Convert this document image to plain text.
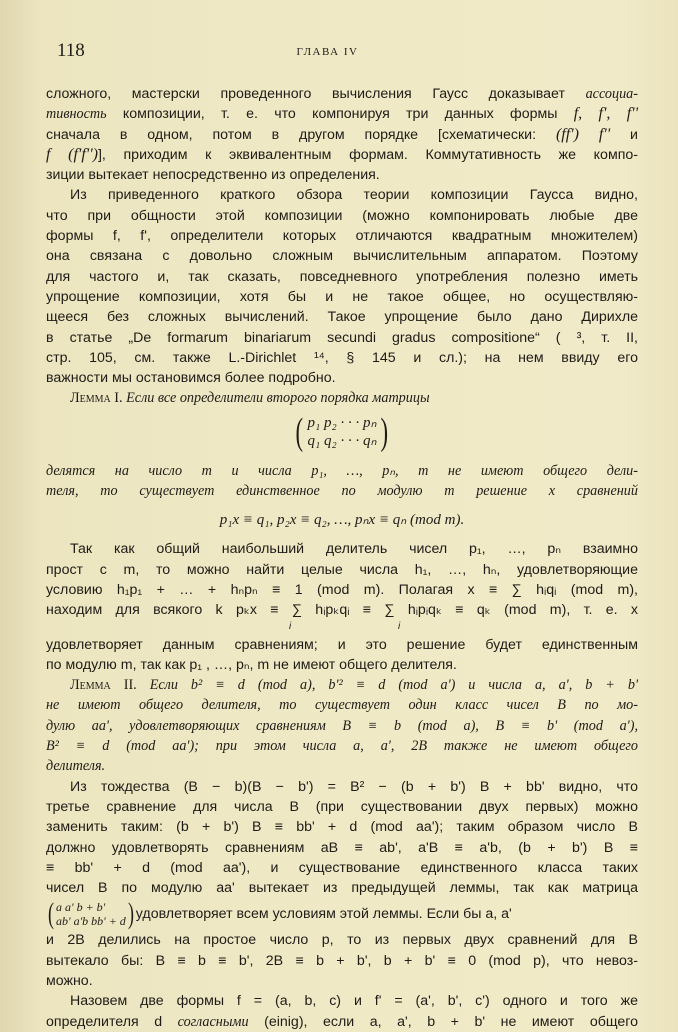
118	ГЛАВА IV
сложного, мастерски проведенного вычисления Гаусс доказывает ассоциа-
тивность композиции, т. е. что компонируя три данных формы f, f', f''
сначала в одном, потом в другом порядке [схематически: (ff') f'' и
f (f'f'')], приходим к эквивалентным формам. Коммутативность же компо-
зиции вытекает непосредственно из определения.
Из приведенного краткого обзора теории композиции Гаусса видно,
что при общности этой композиции (можно компонировать любые две
формы f, f', определители которых отличаются квадратным множителем)
она связана с довольно сложным вычислительным аппаратом. Поэтому
для частого и, так сказать, повседневного употребления полезно иметь
упрощение композиции, хотя бы и не такое общее, но осуществляю-
щееся без сложных вычислений. Такое упрощение было дано Дирихле
в статье „De formarum binariarum secundi gradus compositione“ ( ³, т. II,
стр. 105, см. также L.-Dirichlet ¹⁴, § 145 и сл.); на нем ввиду его
важности мы остановимся более подробно.
Лемма I. Если все определители второго порядка матрицы
( p₁ p₂ · · · pₙ
q₁ q₂ · · · qₙ )
делятся на число m и числа p₁, …, pₙ, m не имеют общего дели-
теля, то существует единственное по модулю m решение x сравнений
p₁x ≡ q₁, p₂x ≡ q₂, …, pₙx ≡ qₙ (mod m).
Так как общий наибольший делитель чисел p₁, …, pₙ взаимно
прост с m, то можно найти целые числа h₁, …, hₙ, удовлетворяющие
условию h₁p₁ + … + hₙpₙ ≡ 1 (mod m). Полагая x ≡ ∑ hᵢqᵢ (mod m),
находим для всякого k pₖx ≡ ∑ hᵢpₖqᵢ ≡ ∑ hᵢpᵢqₖ ≡ qₖ (mod m), т. е. x
i	i
удовлетворяет данным сравнениям; и это решение будет единственным
по модулю m, так как p₁ , …, pₙ, m не имеют общего делителя.
Лемма II. Если b² ≡ d (mod a), b'² ≡ d (mod a') и числа a, a', b + b'
не имеют общего делителя, то существует один класс чисел B по мо-
дулю aa', удовлетворяющих сравнениям B ≡ b (mod a), B ≡ b' (mod a'),
B² ≡ d (mod aa'); при этом числа a, a', 2B также не имеют общего
делителя.
Из тождества (B − b)(B − b') = B² − (b + b') B + bb' видно, что
третье сравнение для числа B (при существовании двух первых) можно
заменить таким: (b + b') B ≡ bb' + d (mod aa'); таким образом число B
должно удовлетворять сравнениям aB ≡ ab', a'B ≡ a'b, (b + b') B ≡
≡ bb' + d (mod aa'), и существование единственного класса таких
чисел B по модулю aa' вытекает из предыдущей леммы, так как матрица
( a a' b + b'
ab' a'b bb' + d ) удовлетворяет всем условиям этой леммы. Если бы a, a'
и 2B делились на простое число p, то из первых двух сравнений для B
вытекало бы: B ≡ b ≡ b', 2B ≡ b + b', b + b' ≡ 0 (mod p), что невоз-
можно.
Назовем две формы f = (a, b, c) и f' = (a', b', c') одного и того же
определителя d согласными (einig), если a, a', b + b' не имеют общего
